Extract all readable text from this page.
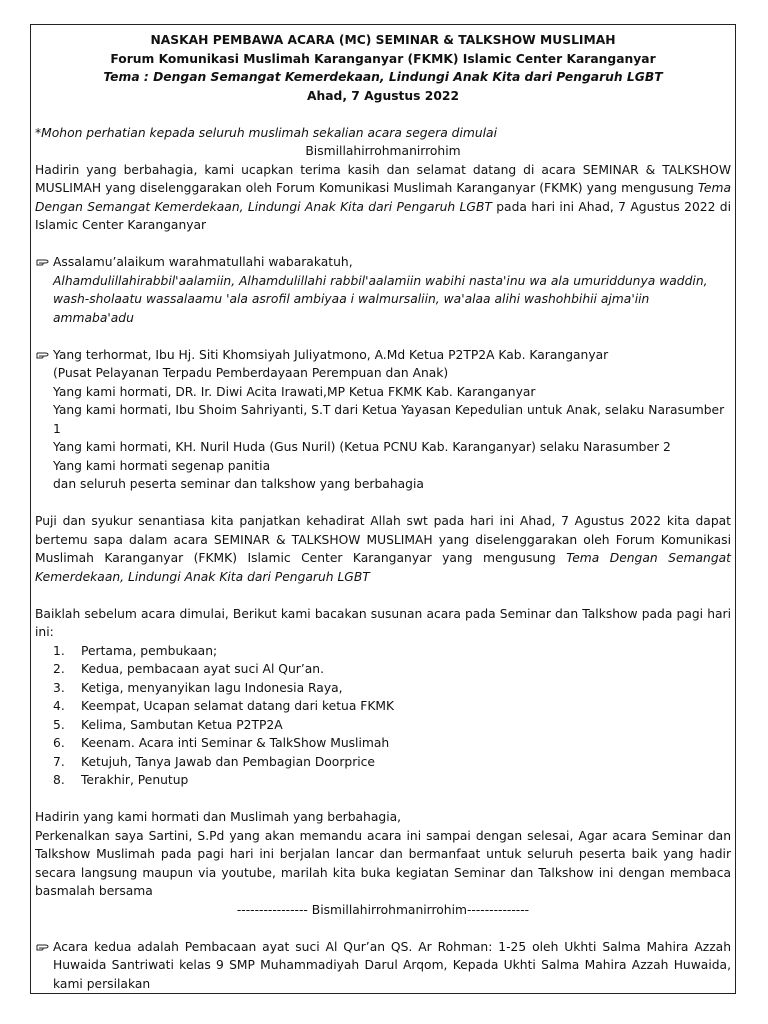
NASKAH PEMBAWA ACARA (MC) SEMINAR & TALKSHOW MUSLIMAH

Forum Komunikasi Muslimah Karanganyar (FKMK) Islamic Center Karanganyar

Tema : Dengan Semangat Kemerdekaan, Lindungi Anak Kita dari Pengaruh LGBT

Ahad, 7 Agustus 2022

*Mohon perhatian kepada seluruh muslimah sekalian acara segera dimulai

Bismillahirrohmanirrohim

Hadirin yang berbahagia, kami ucapkan terima kasih dan selamat datang di acara SEMINAR & TALKSHOW MUSLIMAH yang diselenggarakan oleh Forum Komunikasi Muslimah Karanganyar (FKMK) yang mengusung Tema Dengan Semangat Kemerdekaan, Lindungi Anak Kita dari Pengaruh LGBT pada hari ini Ahad, 7 Agustus 2022 di Islamic Center Karanganyar

Assalamu’alaikum warahmatullahi wabarakatuh,

Alhamdulillahirabbil'aalamiin, Alhamdulillahi rabbil'aalamiin wabihi nasta'inu wa ala umuriddunya waddin,

wash-sholaatu wassalaamu 'ala asrofil ambiyaa i walmursaliin, wa'alaa alihi washohbihii ajma'iin ammaba'adu

Yang terhormat, Ibu Hj. Siti Khomsiyah Juliyatmono, A.Md Ketua P2TP2A Kab. Karanganyar

(Pusat Pelayanan Terpadu Pemberdayaan Perempuan dan Anak)

Yang kami hormati, DR. Ir. Diwi Acita Irawati,MP Ketua FKMK Kab. Karanganyar

Yang kami hormati, Ibu Shoim Sahriyanti, S.T dari Ketua Yayasan Kepedulian untuk Anak, selaku Narasumber 1

Yang kami hormati, KH. Nuril Huda (Gus Nuril) (Ketua PCNU Kab. Karanganyar) selaku Narasumber 2

Yang kami hormati segenap panitia

dan seluruh peserta seminar dan talkshow yang berbahagia

Puji dan syukur senantiasa kita panjatkan kehadirat Allah swt pada hari ini Ahad, 7 Agustus 2022 kita dapat bertemu sapa dalam acara SEMINAR & TALKSHOW MUSLIMAH yang diselenggarakan oleh Forum Komunikasi Muslimah Karanganyar (FKMK) Islamic Center Karanganyar yang mengusung Tema Dengan Semangat Kemerdekaan, Lindungi Anak Kita dari Pengaruh LGBT

Baiklah sebelum acara dimulai, Berikut kami bacakan susunan acara pada Seminar dan Talkshow pada pagi hari ini:

1. Pertama, pembukaan;
2. Kedua, pembacaan ayat suci Al Qur’an.
3. Ketiga, menyanyikan lagu Indonesia Raya,
4. Keempat, Ucapan selamat datang dari ketua FKMK
5. Kelima, Sambutan Ketua P2TP2A
6. Keenam. Acara inti Seminar & TalkShow Muslimah
7. Ketujuh, Tanya Jawab dan Pembagian Doorprice
8. Terakhir, Penutup

Hadirin yang kami hormati dan Muslimah yang berbahagia,

Perkenalkan saya Sartini, S.Pd yang akan memandu acara ini sampai dengan selesai, Agar acara Seminar dan Talkshow Muslimah pada pagi hari ini berjalan lancar dan bermanfaat untuk seluruh peserta baik yang hadir secara langsung maupun via youtube, marilah kita buka kegiatan Seminar dan Talkshow ini dengan membaca basmalah bersama

---------------- Bismillahirrohmanirrohim--------------

Acara kedua adalah Pembacaan ayat suci Al Qur’an QS. Ar Rohman: 1-25 oleh Ukhti Salma Mahira Azzah Huwaida Santriwati kelas 9 SMP Muhammadiyah Darul Arqom, Kepada Ukhti Salma Mahira Azzah Huwaida, kami persilakan
